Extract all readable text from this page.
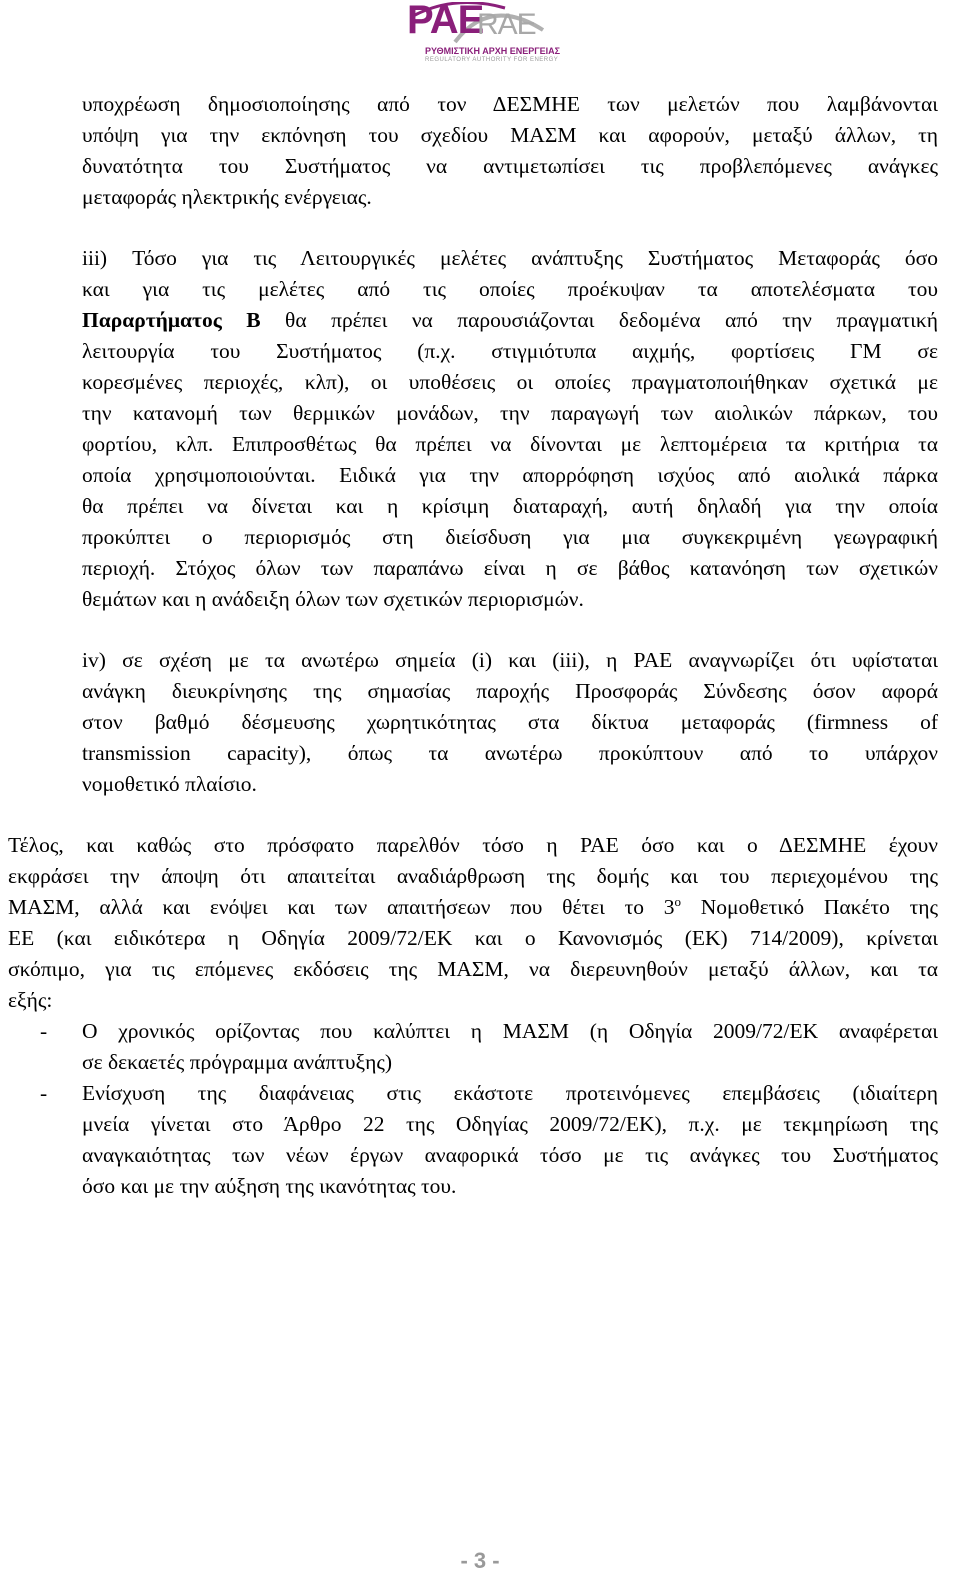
PAE
RAE
ΡΥΘΜΙΣΤΙΚΗ ΑΡΧΗ ΕΝΕΡΓΕΙΑΣ
REGULATORY AUTHORITY FOR ENERGY
υποχρέωση δημοσιοποίησης από τον ΔΕΣΜΗΕ των μελετών που λαμβάνονται
υπόψη για την εκπόνηση του σχεδίου ΜΑΣΜ και αφορούν, μεταξύ άλλων, τη
δυνατότητα του Συστήματος να αντιμετωπίσει τις προβλεπόμενες ανάγκες
μεταφοράς ηλεκτρικής ενέργειας.
iii) Τόσο για τις Λειτουργικές μελέτες ανάπτυξης Συστήματος Μεταφοράς όσο
και για τις μελέτες από τις οποίες προέκυψαν τα αποτελέσματα του
Παραρτήματος Β θα πρέπει να παρουσιάζονται δεδομένα από την πραγματική
λειτουργία του Συστήματος (π.χ. στιγμιότυπα αιχμής, φορτίσεις ΓΜ σε
κορεσμένες περιοχές, κλπ), οι υποθέσεις οι οποίες πραγματοποιήθηκαν σχετικά με
την κατανομή των θερμικών μονάδων, την παραγωγή των αιολικών πάρκων, του
φορτίου, κλπ. Επιπροσθέτως θα πρέπει να δίνονται με λεπτομέρεια τα κριτήρια τα
οποία χρησιμοποιούνται. Ειδικά για την απορρόφηση ισχύος από αιολικά πάρκα
θα πρέπει να δίνεται και η κρίσιμη διαταραχή, αυτή δηλαδή για την οποία
προκύπτει ο περιορισμός στη διείσδυση για μια συγκεκριμένη γεωγραφική
περιοχή. Στόχος όλων των παραπάνω είναι η σε βάθος κατανόηση των σχετικών
θεμάτων και η ανάδειξη όλων των σχετικών περιορισμών.
iv) σε σχέση με τα ανωτέρω σημεία (i) και (iii), η ΡΑΕ αναγνωρίζει ότι υφίσταται
ανάγκη διευκρίνησης της σημασίας παροχής Προσφοράς Σύνδεσης όσον αφορά
στον βαθμό δέσμευσης χωρητικότητας στα δίκτυα μεταφοράς (firmness of
transmission capacity), όπως τα ανωτέρω προκύπτουν από το υπάρχον
νομοθετικό πλαίσιο.
Τέλος, και καθώς στο πρόσφατο παρελθόν τόσο η ΡΑΕ όσο και ο ΔΕΣΜΗΕ έχουν
εκφράσει την άποψη ότι απαιτείται αναδιάρθρωση της δομής και του περιεχομένου της
ΜΑΣΜ, αλλά και ενόψει και των απαιτήσεων που θέτει το $3^o$ Νομοθετικό Πακέτο της
ΕΕ (και ειδικότερα η Οδηγία 2009/72/ΕΚ και ο Κανονισμός (ΕΚ) 714/2009), κρίνεται
σκόπιμο, για τις επόμενες εκδόσεις της ΜΑΣΜ, να διερευνηθούν μεταξύ άλλων, και τα
εξής:
- Ο χρονικός ορίζοντας που καλύπτει η ΜΑΣΜ (η Οδηγία 2009/72/ΕΚ αναφέρεται
σε δεκαετές πρόγραμμα ανάπτυξης)
- Ενίσχυση της διαφάνειας στις εκάστοτε προτεινόμενες επεμβάσεις (ιδιαίτερη
μνεία γίνεται στο Άρθρο 22 της Οδηγίας 2009/72/ΕΚ), π.χ. με τεκμηρίωση της
αναγκαιότητας των νέων έργων αναφορικά τόσο με τις ανάγκες του Συστήματος
όσο και με την αύξηση της ικανότητας του.
- 3 -
